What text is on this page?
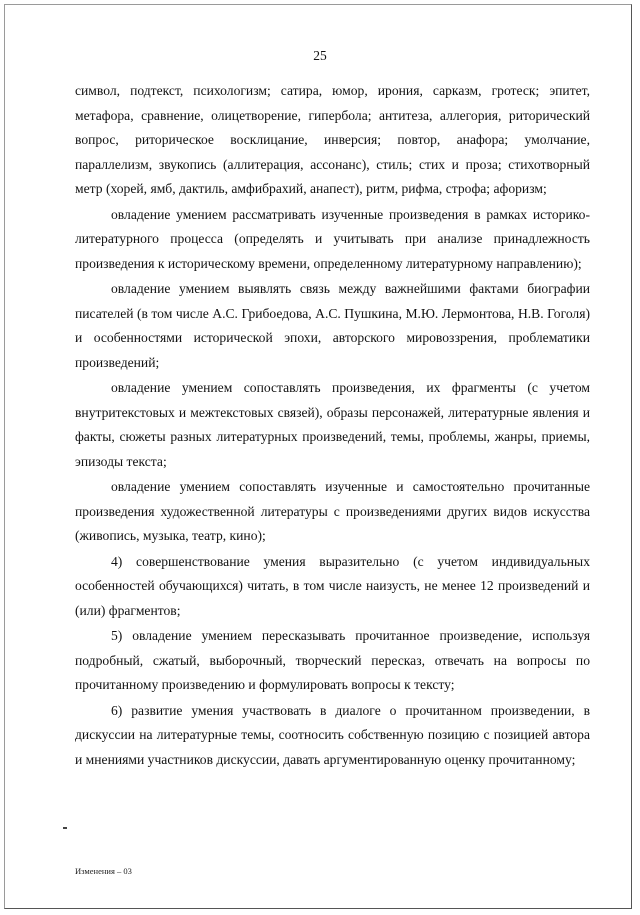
25

символ, подтекст, психологизм; сатира, юмор, ирония, сарказм, гротеск; эпитет, метафора, сравнение, олицетворение, гипербола; антитеза, аллегория, риторический вопрос, риторическое восклицание, инверсия; повтор, анафора; умолчание, параллелизм, звукопись (аллитерация, ассонанс), стиль; стих и проза; стихотворный метр (хорей, ямб, дактиль, амфибрахий, анапест), ритм, рифма, строфа; афоризм;

овладение умением рассматривать изученные произведения в рамках историко-литературного процесса (определять и учитывать при анализе принадлежность произведения к историческому времени, определенному литературному направлению);

овладение умением выявлять связь между важнейшими фактами биографии писателей (в том числе А.С. Грибоедова, А.С. Пушкина, М.Ю. Лермонтова, Н.В. Гоголя) и особенностями исторической эпохи, авторского мировоззрения, проблематики произведений;

овладение умением сопоставлять произведения, их фрагменты (с учетом внутритекстовых и межтекстовых связей), образы персонажей, литературные явления и факты, сюжеты разных литературных произведений, темы, проблемы, жанры, приемы, эпизоды текста;

овладение умением сопоставлять изученные и самостоятельно прочитанные произведения художественной литературы с произведениями других видов искусства (живопись, музыка, театр, кино);

4) совершенствование умения выразительно (с учетом индивидуальных особенностей обучающихся) читать, в том числе наизусть, не менее 12 произведений и (или) фрагментов;

5) овладение умением пересказывать прочитанное произведение, используя подробный, сжатый, выборочный, творческий пересказ, отвечать на вопросы по прочитанному произведению и формулировать вопросы к тексту;

6) развитие умения участвовать в диалоге о прочитанном произведении, в дискуссии на литературные темы, соотносить собственную позицию с позицией автора и мнениями участников дискуссии, давать аргументированную оценку прочитанному;

Изменения – 03
